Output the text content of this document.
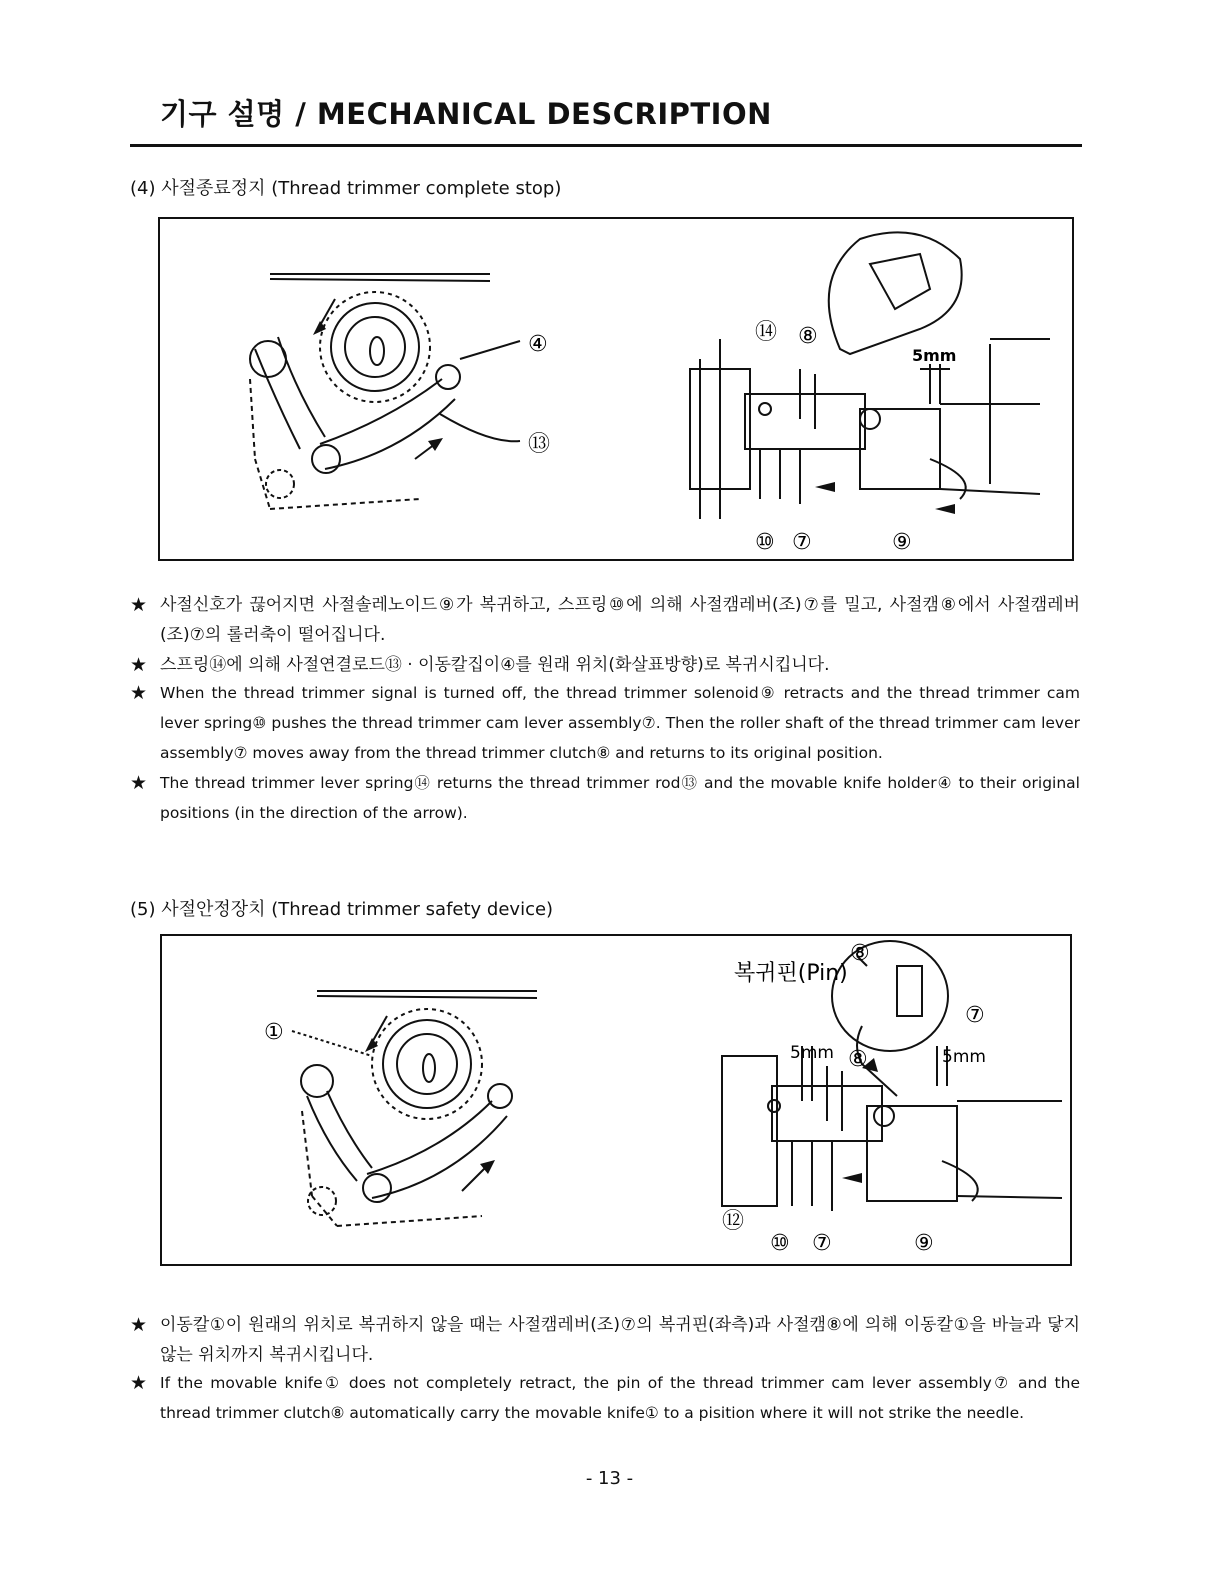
기구 설명 / MECHANICAL DESCRIPTION
(4) 사절종료정지 (Thread trimmer complete stop)
④
⑬
⑭ ⑧
5mm
⑩ ⑦	⑨
★ 사절신호가 끊어지면 사절솔레노이드⑨가 복귀하고, 스프링⑩에 의해 사절캠레버(조)⑦를 밀고, 사절캠⑧에서 사절캠레버(조)⑦의 롤러축이 떨어집니다.
★ 스프링⑭에 의해 사절연결로드⑬ · 이동칼집이④를 원래 위치(화살표방향)로 복귀시킵니다.
★ When the thread trimmer signal is turned off, the thread trimmer solenoid⑨ retracts and the thread trimmer cam lever spring⑩ pushes the thread trimmer cam lever assembly⑦. Then the roller shaft of the thread trimmer cam lever assembly⑦ moves away from the thread trimmer clutch⑧ and returns to its original position.
★ The thread trimmer lever spring⑭ returns the thread trimmer rod⑬ and the movable knife holder④ to their original positions (in the direction of the arrow).
(5) 사절안정장치 (Thread trimmer safety device)
복귀핀(Pin)
①
⑧
⑦
⑧
⑫
⑩ ⑦	⑨
5mm	5mm
★ 이동칼①이 원래의 위치로 복귀하지 않을 때는 사절캠레버(조)⑦의 복귀핀(좌측)과 사절캠⑧에 의해 이동칼①을 바늘과 닿지 않는 위치까지 복귀시킵니다.
★ If the movable knife① does not completely retract, the pin of the thread trimmer cam lever assembly⑦ and the thread trimmer clutch⑧ automatically carry the movable knife① to a pisition where it will not strike the needle.
- 13 -
